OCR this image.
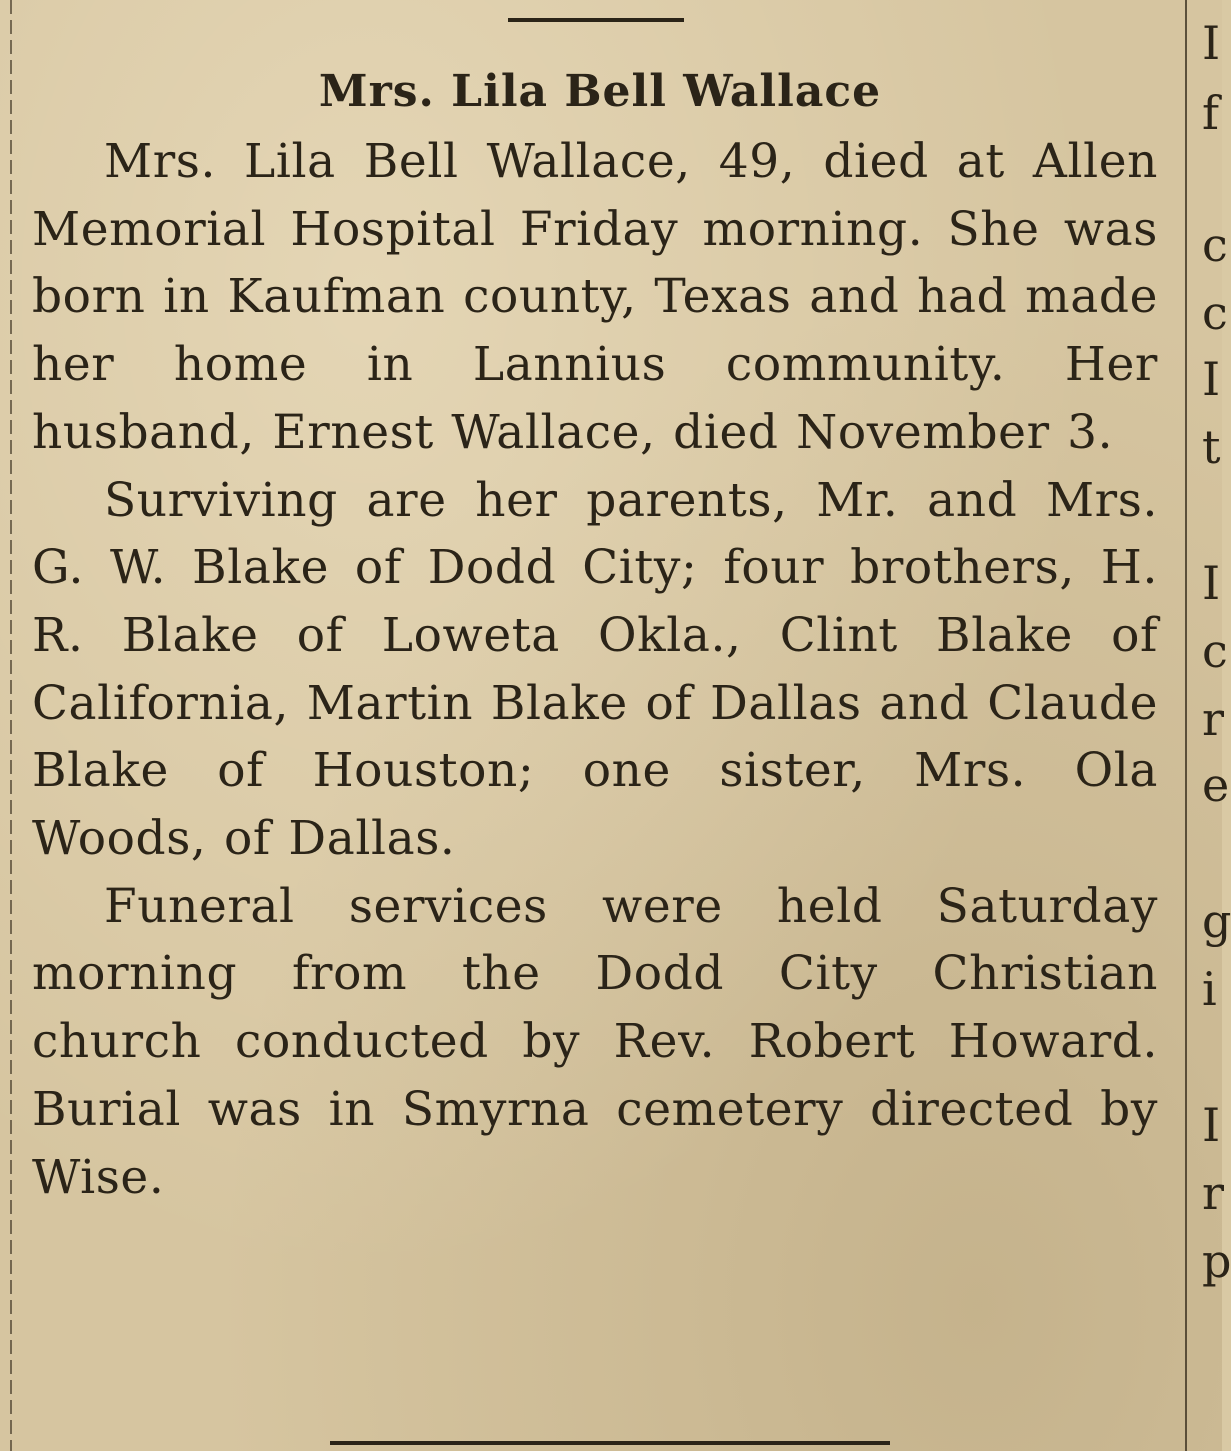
Mrs. Lila Bell Wallace

Mrs. Lila Bell Wallace, 49, died at Allen Memorial Hospital Friday morning. She was born in Kaufman county, Texas and had made her home in Lannius community. Her husband, Ernest Wallace, died November 3.

Surviving are her parents, Mr. and Mrs. G. W. Blake of Dodd City; four brothers, H. R. Blake of Loweta Okla., Clint Blake of California, Martin Blake of Dallas and Claude Blake of Houston; one sister, Mrs. Ola Woods, of Dallas.

Funeral services were held Saturday morning from the Dodd City Christian church conducted by Rev. Robert Howard. Burial was in Smyrna cemetery directed by Wise.

I
f
c
c
I
t
I
c
r
e
g
i
I
r
p
